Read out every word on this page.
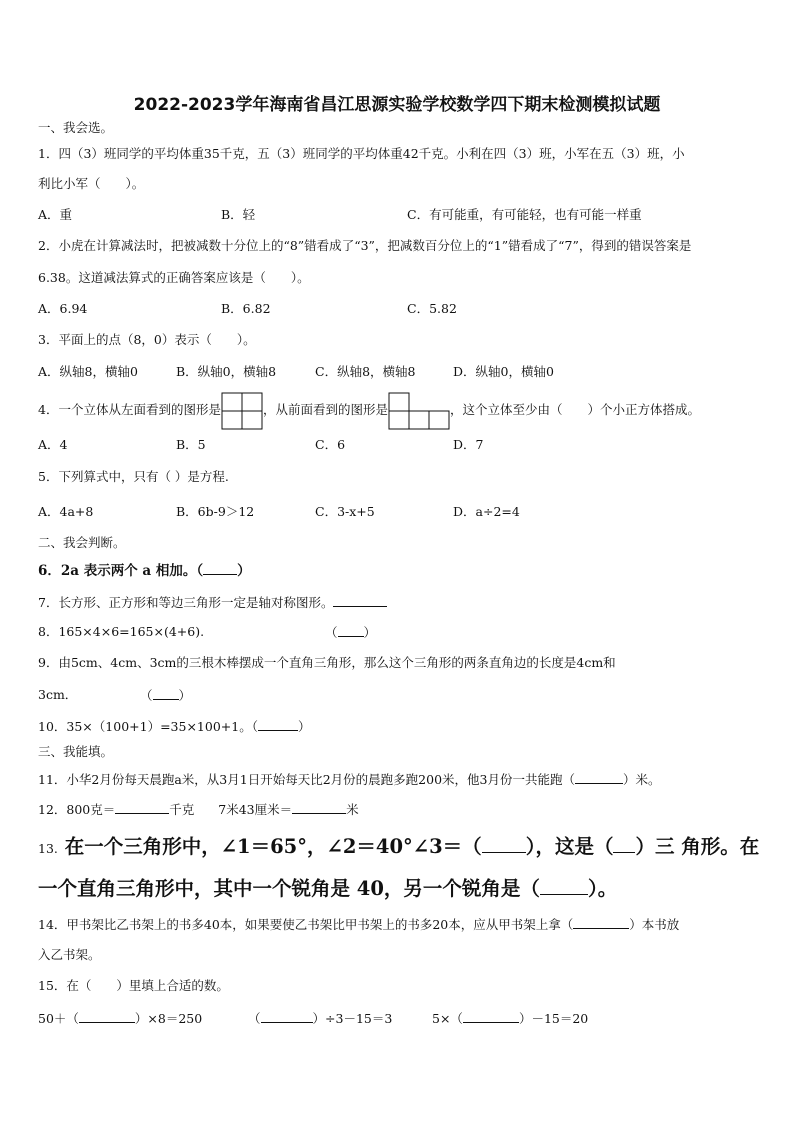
2022-2023学年海南省昌江思源实验学校数学四下期末检测模拟试题
一、我会选。
1．四（3）班同学的平均体重35千克，五（3）班同学的平均体重42千克。小利在四（3）班，小军在五（3）班，小
利比小军（　　）。
A．重	B．轻	C．有可能重，有可能轻，也有可能一样重
2．小虎在计算减法时，把被减数十分位上的“8”错看成了“3”，把减数百分位上的“1”错看成了“7”，得到的错误答案是
6.38。这道减法算式的正确答案应该是（　　）。
A．6.94	B．6.82	C．5.82
3．平面上的点（8，0）表示（　　）。
A．纵轴8，横轴0	B．纵轴0，横轴8	C．纵轴8，横轴8	D．纵轴0，横轴0
4．一个立体从左面看到的图形是	，从前面看到的图形是	，这个立体至少由（　　）个小正方体搭成。
A．4	B．5	C．6	D．7
5．下列算式中，只有（ ）是方程.
A．4a+8	B．6b-9＞12	C．3-x+5	D．a÷2=4
二、我会判断。
6．2a 表示两个 a 相加。（	）
7．长方形、正方形和等边三角形一定是轴对称图形。
8．165×4×6=165×(4+6).	（ ）
9．由5cm、4cm、3cm的三根木棒摆成一个直角三角形，那么这个三角形的两条直角边的长度是4cm和
3cm．	（ ）
10．35×（100+1）=35×100+1。（	）
三、我能填。
11．小华2月份每天晨跑a米，从3月1日开始每天比2月份的晨跑多跑200米，他3月份一共能跑（	）米。
12．800克＝	千克 7米43厘米＝	米
13. 在一个三角形中，∠1＝65°，∠2＝40°∠3＝（ ），这是（ ）三 角形。在
一个直角三角形中，其中一个锐角是 40，另一个锐角是（ ）。
14．甲书架比乙书架上的书多40本，如果要使乙书架比甲书架上的书多20本，应从甲书架上拿（	）本书放
入乙书架。
15．在（　　）里填上合适的数。
50＋（	）×8＝250	（	）÷3－15＝3	5×（	）－15＝20
